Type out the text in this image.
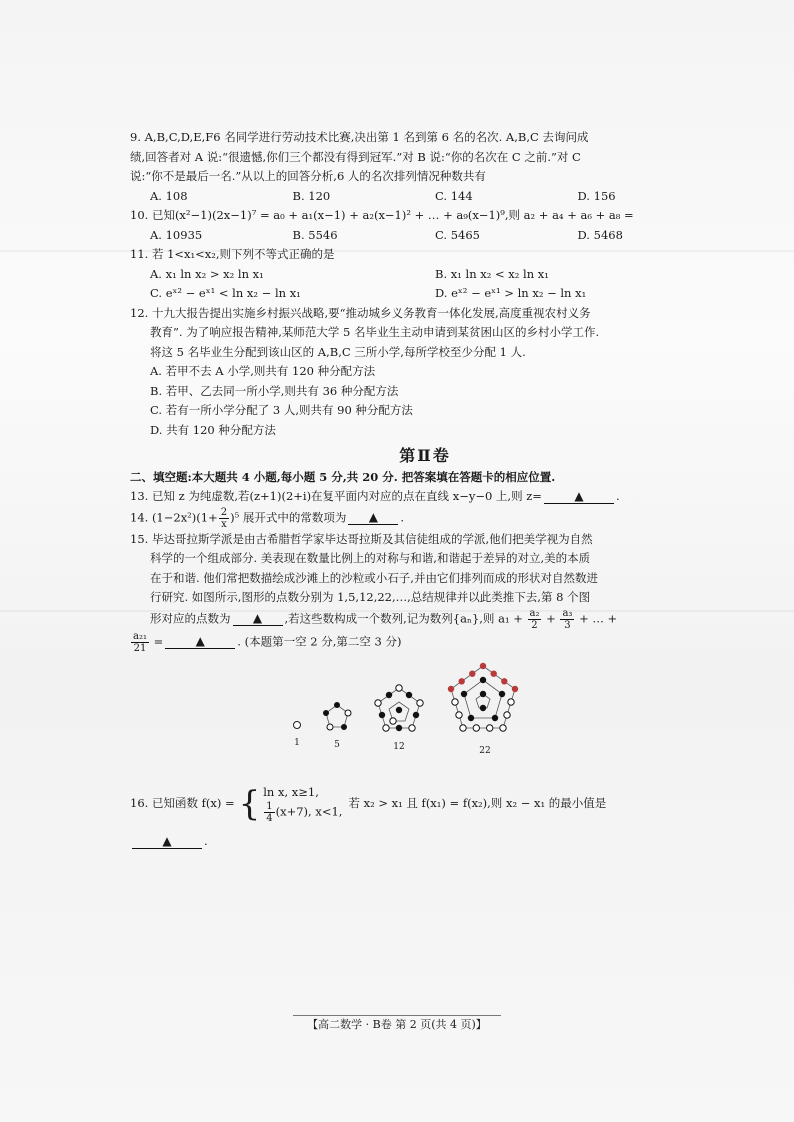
9. A,B,C,D,E,F6 名同学进行劳动技术比赛,决出第 1 名到第 6 名的名次. A,B,C 去询问成

绩,回答者对 A 说:“很遗憾,你们三个都没有得到冠军.”对 B 说:“你的名次在 C 之前.”对 C

说:“你不是最后一名.”从以上的回答分析,6 人的名次排列情况种数共有

A. 108	B. 120	C. 144	D. 156

10. 已知(x²−1)(2x−1)⁷ = a₀ + a₁(x−1) + a₂(x−1)² + … + a₉(x−1)⁹,则 a₂ + a₄ + a₆ + a₈ =

A. 10935	B. 5546	C. 5465	D. 5468

11. 若 1<x₁<x₂,则下列不等式正确的是

A. x₁ ln x₂ > x₂ ln x₁	B. x₁ ln x₂ < x₂ ln x₁
C. eˣ² − eˣ¹ < ln x₂ − ln x₁	D. eˣ² − eˣ¹ > ln x₂ − ln x₁

12. 十九大报告提出实施乡村振兴战略,要“推动城乡义务教育一体化发展,高度重视农村义务

教育”. 为了响应报告精神,某师范大学 5 名毕业生主动申请到某贫困山区的乡村小学工作.

将这 5 名毕业生分配到该山区的 A,B,C 三所小学,每所学校至少分配 1 人.

A. 若甲不去 A 小学,则共有 120 种分配方法

B. 若甲、乙去同一所小学,则共有 36 种分配方法

C. 若有一所小学分配了 3 人,则共有 90 种分配方法

D. 共有 120 种分配方法

第Ⅱ卷

二、填空题:本大题共 4 小题,每小题 5 分,共 20 分. 把答案填在答题卡的相应位置.

13. 已知 z 为纯虚数,若(z+1)(2+i)在复平面内对应的点在直线 x−y−0 上,则 z=	▲	.

14. $(1-2x^2)(1+ \frac{2}{x} )^5$ 展开式中的常数项为 ▲ .

15. 毕达哥拉斯学派是由古希腊哲学家毕达哥拉斯及其信徒组成的学派,他们把美学视为自然

科学的一个组成部分. 美表现在数量比例上的对称与和谐,和谐起于差异的对立,美的本质

在于和谐. 他们常把数描绘成沙滩上的沙粒或小石子,并由它们排列而成的形状对自然数进

行研究. 如图所示,图形的点数分别为 1,5,12,22,…,总结规律并以此类推下去,第 8 个图

形对应的点数为 ▲ ,若这些数构成一个数列,记为数列{aₙ},则 $a_1 + \frac{\text{a₂}}{2} + \frac{\text{a₃}}{3}$ + … +

$\frac{\text{a₂₁}}{21}$ =	▲	. (本题第一空 2 分,第二空 3 分)

1	5	12	22
16. 已知函数 f(x) = { ln x, x≥1,
$\frac{1}{4} (x+7)$, x<1,
若 x₂ > x₁ 且 f(x₁) = f(x₂),则 x₂ − x₁ 的最小值是

▲	.

【高二数学 · B卷 第 2 页(共 4 页)】
